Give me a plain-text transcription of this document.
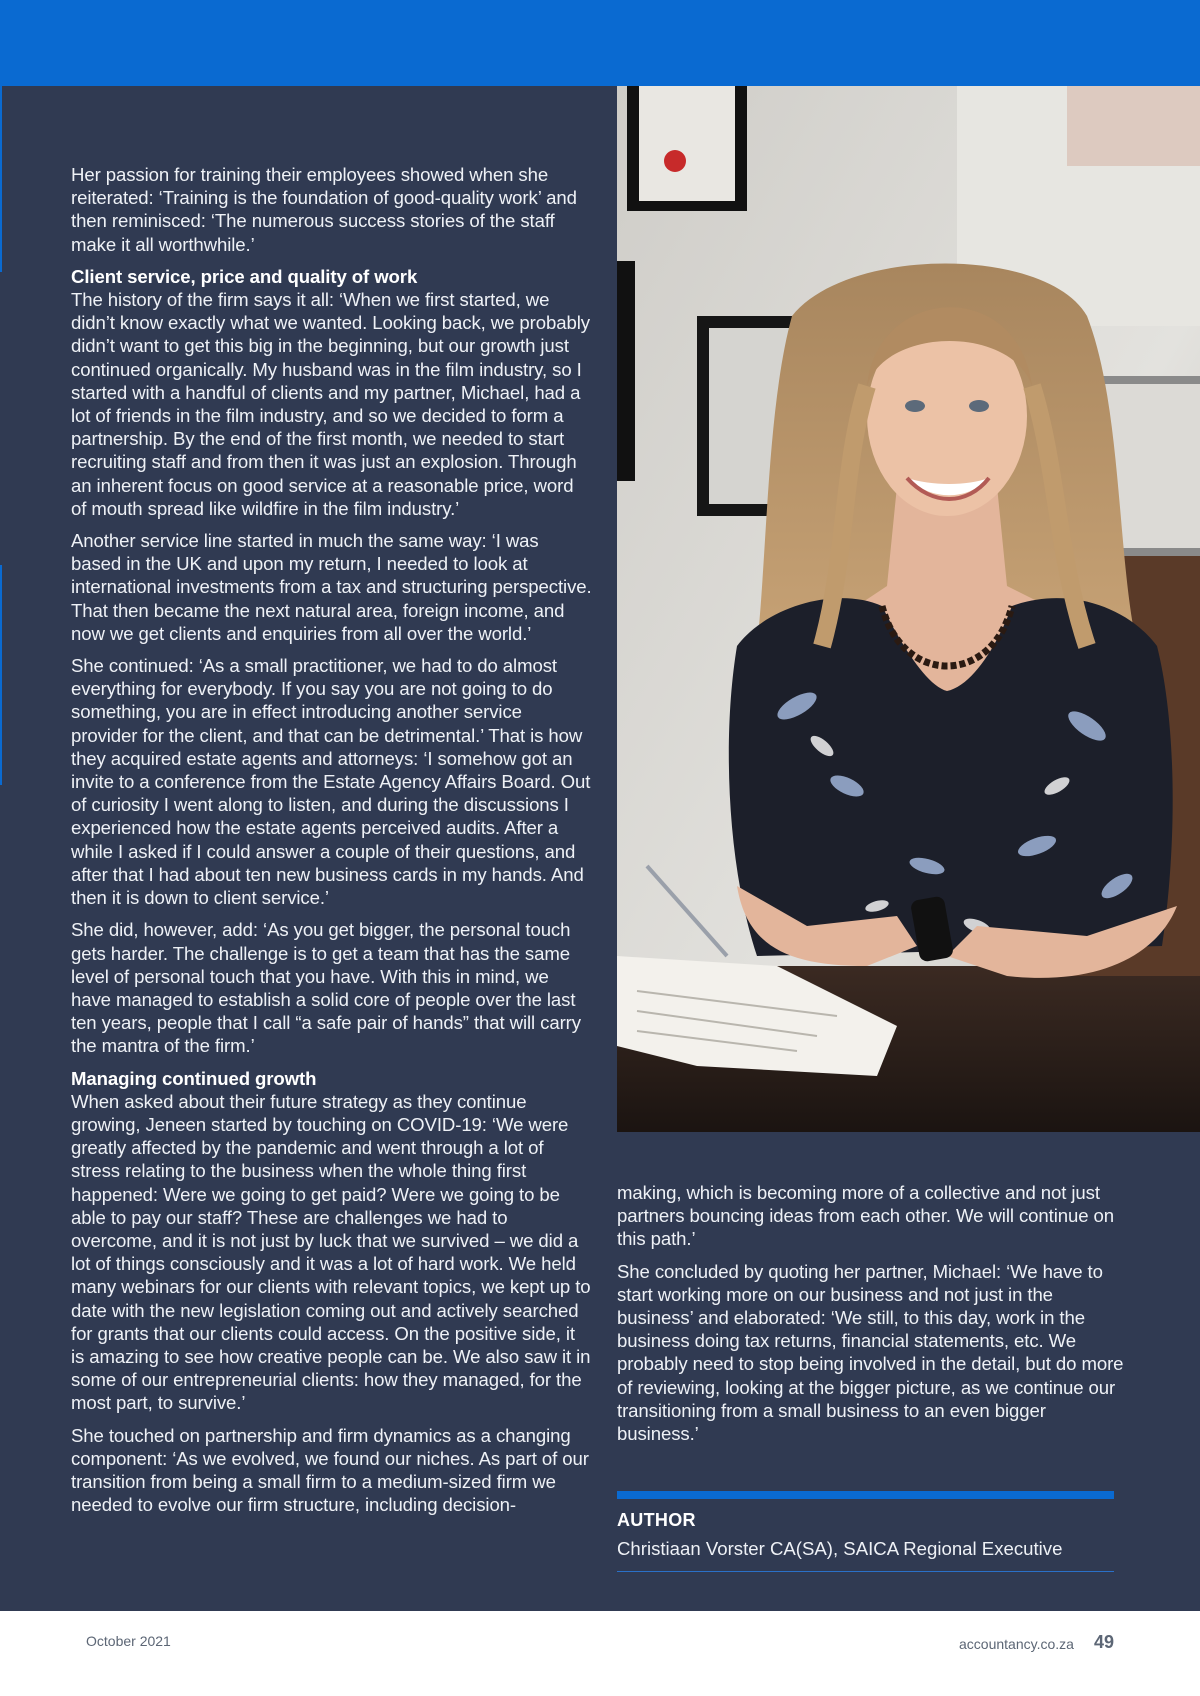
Her passion for training their employees showed when she reiterated: ‘Training is the foundation of good-quality work’ and then reminisced: ‘The numerous success stories of the staff make it all worthwhile.’

Client service, price and quality of work

The history of the firm says it all: ‘When we first started, we didn’t know exactly what we wanted. Looking back, we probably didn’t want to get this big in the beginning, but our growth just continued organically. My husband was in the film industry, so I started with a handful of clients and my partner, Michael, had a lot of friends in the film industry, and so we decided to form a partnership. By the end of the first month, we needed to start recruiting staff and from then it was just an explosion. Through an inherent focus on good service at a reasonable price, word of mouth spread like wildfire in the film industry.’

Another service line started in much the same way: ‘I was based in the UK and upon my return, I needed to look at international investments from a tax and structuring perspective. That then became the next natural area, foreign income, and now we get clients and enquiries from all over the world.’

She continued: ‘As a small practitioner, we had to do almost everything for everybody. If you say you are not going to do something, you are in effect introducing another service provider for the client, and that can be detrimental.’ That is how they acquired estate agents and attorneys: ‘I somehow got an invite to a conference from the Estate Agency Affairs Board. Out of curiosity I went along to listen, and during the discussions I experienced how the estate agents perceived audits. After a while I asked if I could answer a couple of their questions, and after that I had about ten new business cards in my hands. And then it is down to client service.’

She did, however, add: ‘As you get bigger, the personal touch gets harder. The challenge is to get a team that has the same level of personal touch that you have. With this in mind, we have managed to establish a solid core of people over the last ten years, people that I call “a safe pair of hands” that will carry the mantra of the firm.’

Managing continued growth

When asked about their future strategy as they continue growing, Jeneen started by touching on COVID-19: ‘We were greatly affected by the pandemic and went through a lot of stress relating to the business when the whole thing first happened: Were we going to get paid? Were we going to be able to pay our staff? These are challenges we had to overcome, and it is not just by luck that we survived – we did a lot of things consciously and it was a lot of hard work. We held many webinars for our clients with relevant topics, we kept up to date with the new legislation coming out and actively searched for grants that our clients could access. On the positive side, it is amazing to see how creative people can be. We also saw it in some of our entrepreneurial clients: how they managed, for the most part, to survive.’

She touched on partnership and firm dynamics as a changing component: ‘As we evolved, we found our niches. As part of our transition from being a small firm to a medium-sized firm we needed to evolve our firm structure, including decision-

making, which is becoming more of a collective and not just partners bouncing ideas from each other. We will continue on this path.’

She concluded by quoting her partner, Michael: ‘We have to start working more on our business and not just in the business’ and elaborated: ‘We still, to this day, work in the business doing tax returns, financial statements, etc. We probably need to stop being involved in the detail, but do more of reviewing, looking at the bigger picture, as we continue our transitioning from a small business to an even bigger business.’

AUTHOR
Christiaan Vorster CA(SA), SAICA Regional Executive
October 2021	accountancy.co.za 49
